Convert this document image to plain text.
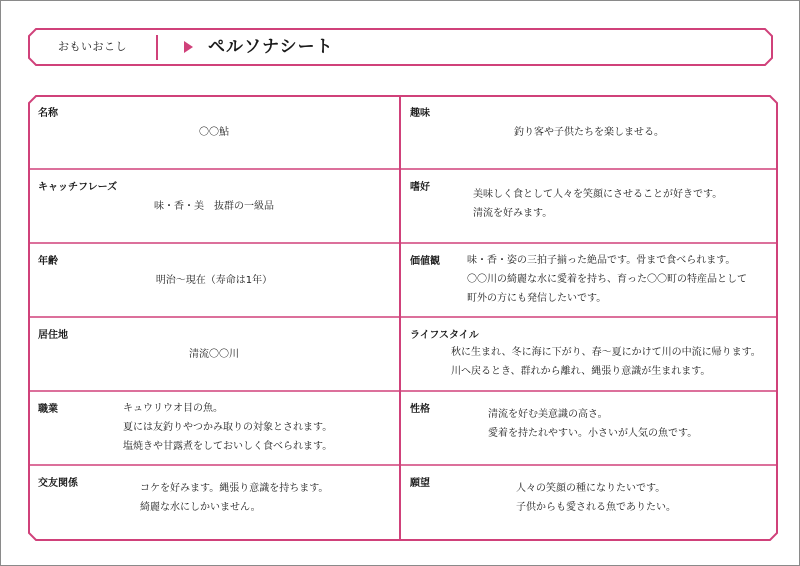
おもいおこし	ペルソナシート
名称
〇〇鮎
キャッチフレーズ
味・香・美　抜群の一級品
年齢
明治～現在（寿命は1年）
居住地
清流〇〇川
職業	キュウリウオ目の魚。
夏には友釣りやつかみ取りの対象とされます。
塩焼きや甘露煮をしておいしく食べられます。
交友関係	コケを好みます。縄張り意識を持ちます。
綺麗な水にしかいません。
趣味
釣り客や子供たちを楽しませる。
嗜好
美味しく食として人々を笑顔にさせることが好きです。
清流を好みます。
価値観	味・香・姿の三拍子揃った絶品です。骨まで食べられます。
〇〇川の綺麗な水に愛着を持ち、育った〇〇町の特産品として
町外の方にも発信したいです。
ライフスタイル
秋に生まれ、冬に海に下がり、春～夏にかけて川の中流に帰ります。
川へ戻るとき、群れから離れ、縄張り意識が生まれます。
性格	清流を好む美意識の高さ。
愛着を持たれやすい。小さいが人気の魚です。
願望	人々の笑顔の種になりたいです。
子供からも愛される魚でありたい。
